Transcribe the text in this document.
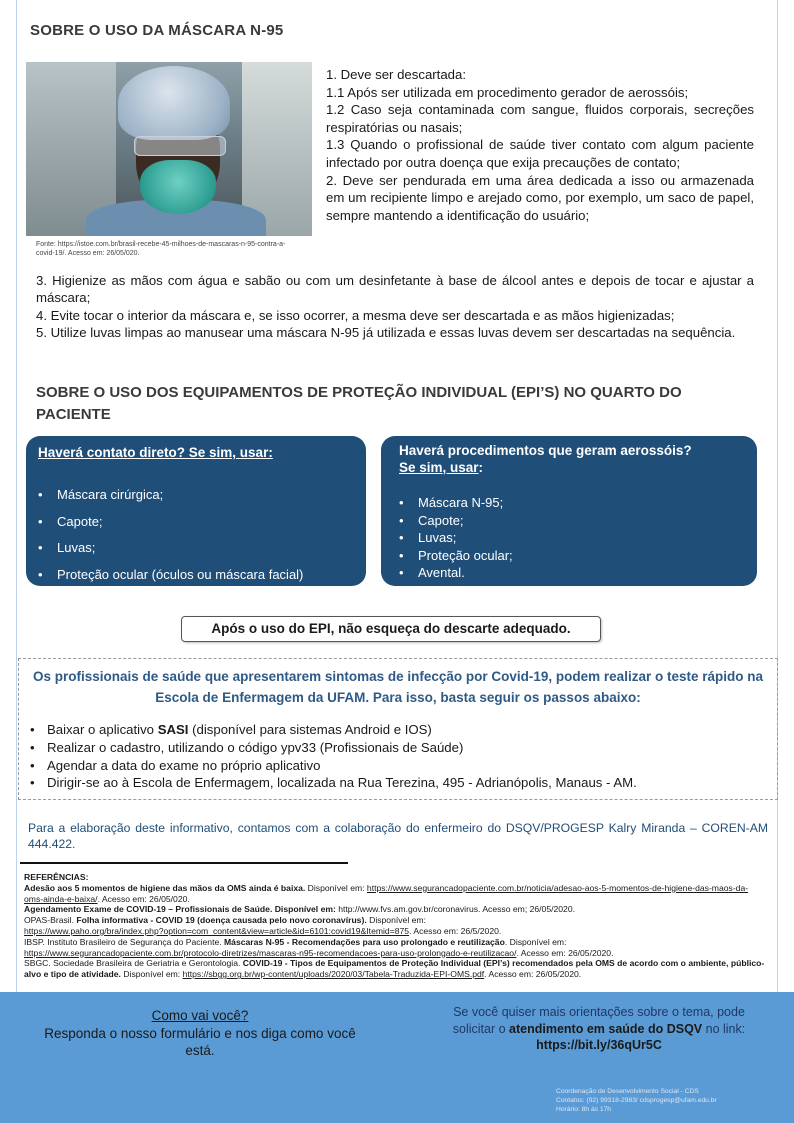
SOBRE O USO DA MÁSCARA N-95
Fonte: https://istoe.com.br/brasil-recebe-45-milhoes-de-mascaras-n-95-contra-a-covid-19/. Acesso em: 26/05/020.

1. Deve ser descartada:

1.1 Após ser utilizada em procedimento gerador de aerossóis;

1.2 Caso seja contaminada com sangue, fluidos corporais, secreções respiratórias ou nasais;

1.3 Quando o profissional de saúde tiver contato com algum paciente infectado por outra doença que exija precauções de contato;

2. Deve ser pendurada em uma área dedicada a isso ou armazenada em um recipiente limpo e arejado como, por exemplo, um saco de papel, sempre mantendo a identificação do usuário;

3. Higienize as mãos com água e sabão ou com um desinfetante à base de álcool antes e depois de tocar e ajustar a máscara;

4. Evite tocar o interior da máscara e, se isso ocorrer, a mesma deve ser descartada e as mãos higienizadas;

5. Utilize luvas limpas ao manusear uma máscara N-95 já utilizada e essas luvas devem ser descartadas na sequência.

SOBRE O USO DOS EQUIPAMENTOS DE PROTEÇÃO INDIVIDUAL (EPI’S) NO QUARTO DO PACIENTE
Haverá contato direto? Se sim, usar:
• Máscara cirúrgica;
• Capote;
• Luvas;
• Proteção ocular (óculos ou máscara facial)
Haverá procedimentos que geram aerossóis?
Se sim, usar:
• Máscara N-95;
• Capote;
• Luvas;
• Proteção ocular;
• Avental.
Após o uso do EPI, não esqueça do descarte adequado.
Os profissionais de saúde que apresentarem sintomas de infecção por Covid-19, podem realizar o teste rápido na Escola de Enfermagem da UFAM. Para isso, basta seguir os passos abaixo:
• Baixar o aplicativo SASI (disponível para sistemas Android e IOS)
• Realizar o cadastro, utilizando o código ypv33 (Profissionais de Saúde)
• Agendar a data do exame no próprio aplicativo
• Dirigir-se ao à Escola de Enfermagem, localizada na Rua Terezina, 495 - Adrianópolis, Manaus - AM.
Para a elaboração deste informativo, contamos com a colaboração do enfermeiro do DSQV/PROGESP Kalry Miranda – COREN-AM 444.422.

REFERÊNCIAS:

Adesão aos 5 momentos de higiene das mãos da OMS ainda é baixa. Disponível em: https://www.segurancadopaciente.com.br/noticia/adesao-aos-5-momentos-de-higiene-das-maos-da-oms-ainda-e-baixa/. Acesso em: 26/05/020.

Agendamento Exame de COVID-19 – Profissionais de Saúde. Disponível em: http://www.fvs.am.gov.br/coronavirus. Acesso em; 26/05/2020.

OPAS-Brasil. Folha informativa - COVID 19 (doença causada pelo novo coronavírus). Disponível em:
https://www.paho.org/bra/index.php?option=com_content&view=article&id=6101:covid19&Itemid=875. Acesso em: 26/5/2020.

IBSP. Instituto Brasileiro de Segurança do Paciente. Máscaras N-95 - Recomendações para uso prolongado e reutilização. Disponível em:
https://www.segurancadopaciente.com.br/protocolo-diretrizes/mascaras-n95-recomendacoes-para-uso-prolongado-e-reutilizacao/. Acesso em: 26/05/2020.

SBGC. Sociedade Brasileira de Geriatria e Gerontologia. COVID-19 - Tipos de Equipamentos de Proteção Individual (EPI’s) recomendados pela OMS de acordo com o ambiente, público-alvo e tipo de atividade. Disponível em: https://sbgg.org.br/wp-content/uploads/2020/03/Tabela-Traduzida-EPI-OMS.pdf. Acesso em: 26/05/2020.

Como vai você?
Responda o nosso formulário e nos diga como você está.
Se você quiser mais orientações sobre o tema, pode solicitar o atendimento em saúde do DSQV no link:
https://bit.ly/36qUr5C
Coordenação de Desenvolvimento Social - CDS
Contatos: (92) 99318-2983/ cdsprogesp@ufam.edu.br
Horário: 8h às 17h
